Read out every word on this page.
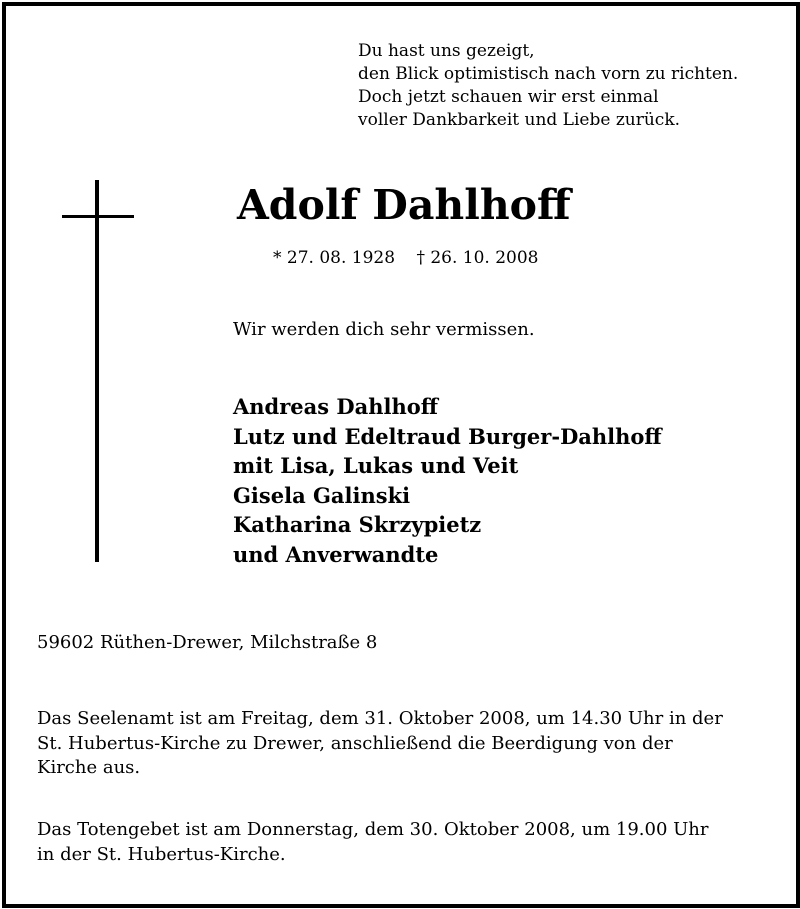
Du hast uns gezeigt,
den Blick optimistisch nach vorn zu richten.
Doch jetzt schauen wir erst einmal
voller Dankbarkeit und Liebe zurück.
Adolf Dahlhoff
* 27. 08. 1928 † 26. 10. 2008
Wir werden dich sehr vermissen.
Andreas Dahlhoff
Lutz und Edeltraud Burger-Dahlhoff
mit Lisa, Lukas und Veit
Gisela Galinski
Katharina Skrzypietz
und Anverwandte
59602 Rüthen-Drewer, Milchstraße 8
Das Seelenamt ist am Freitag, dem 31. Oktober 2008, um 14.30 Uhr in der
St. Hubertus-Kirche zu Drewer, anschließend die Beerdigung von der
Kirche aus.
Das Totengebet ist am Donnerstag, dem 30. Oktober 2008, um 19.00 Uhr
in der St. Hubertus-Kirche.
